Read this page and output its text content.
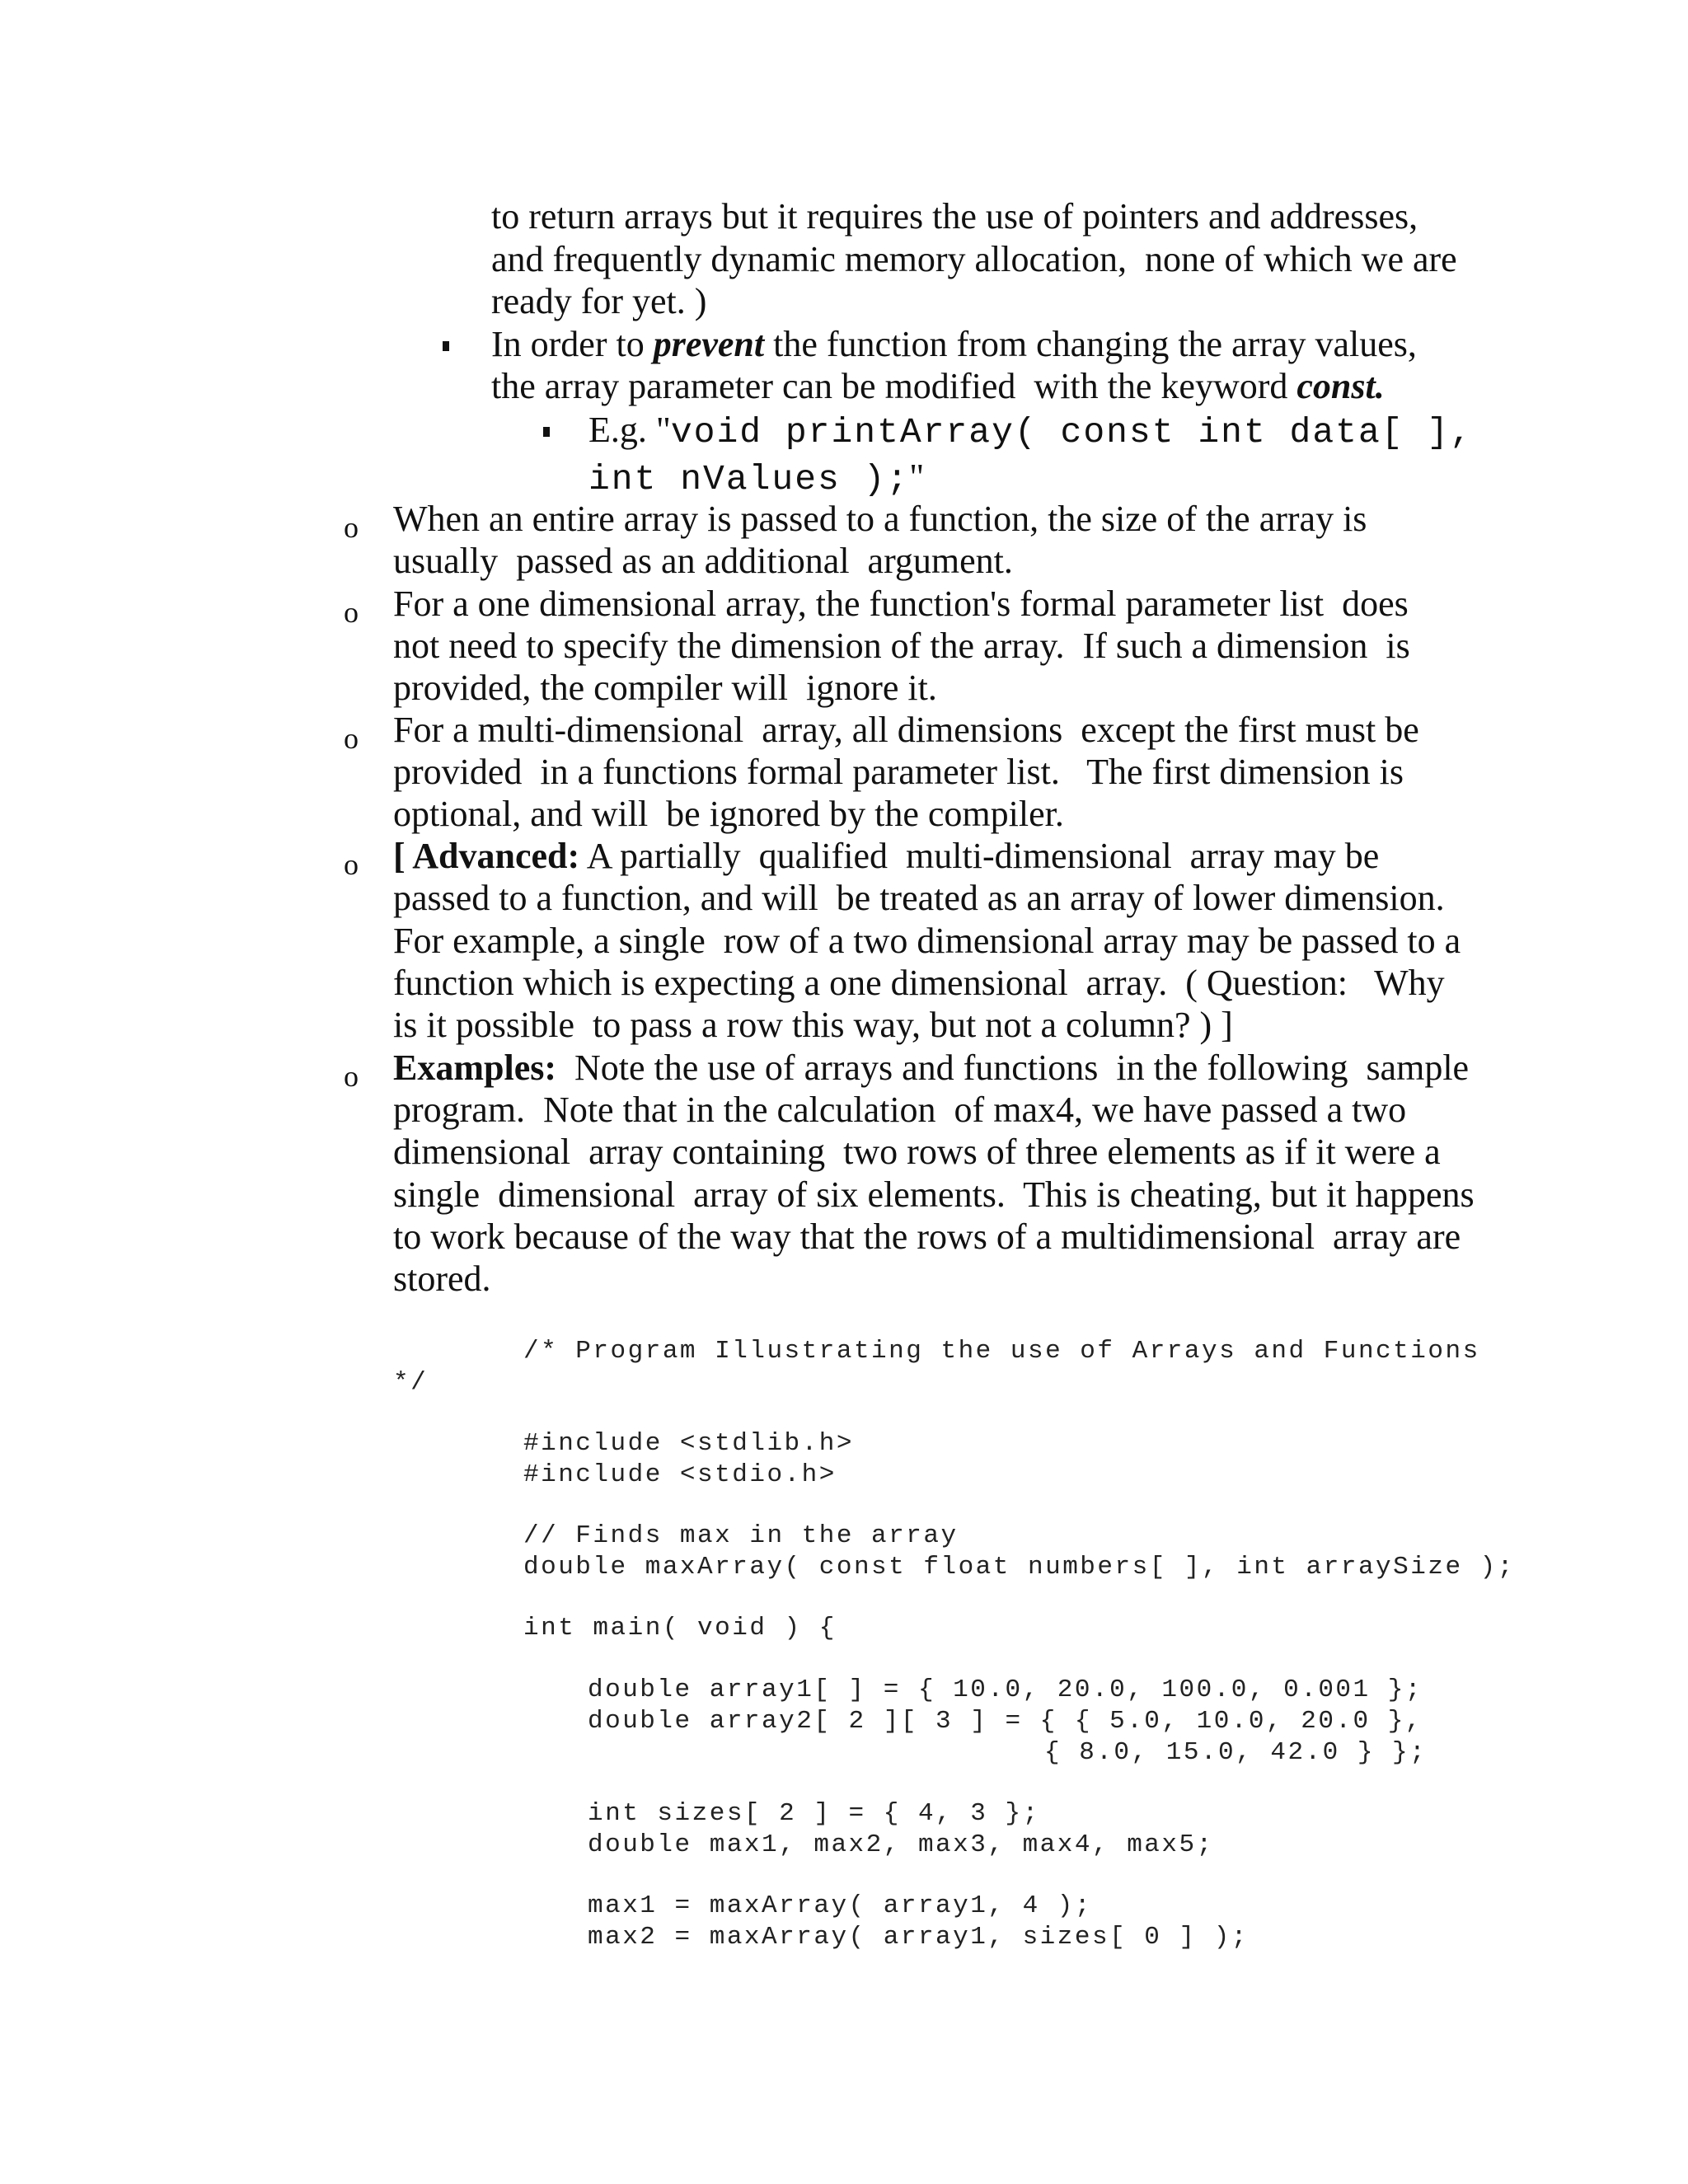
to return arrays but it requires the use of pointers and addresses,
and frequently dynamic memory allocation,  none of which we are
ready for yet. )
In order to prevent the function from changing the array values,
the array parameter can be modified  with the keyword const.
E.g. "void printArray( const int data[ ],
int nValues );"
o When an entire array is passed to a function, the size of the array is
usually  passed as an additional  argument.
o For a one dimensional array, the function's formal parameter list  does
not need to specify the dimension of the array.  If such a dimension  is
provided, the compiler will  ignore it.
o For a multi-dimensional  array, all dimensions  except the first must be
provided  in a functions formal parameter list.   The first dimension is
optional, and will  be ignored by the compiler.
o [ Advanced: A partially  qualified  multi-dimensional  array may be
passed to a function, and will  be treated as an array of lower dimension.
For example, a single  row of a two dimensional array may be passed to a
function which is expecting a one dimensional  array.  ( Question:   Why
is it possible  to pass a row this way, but not a column? ) ]
o Examples:  Note the use of arrays and functions  in the following  sample
program.  Note that in the calculation  of max4, we have passed a two
dimensional  array containing  two rows of three elements as if it were a
single  dimensional  array of six elements.  This is cheating, but it happens
to work because of the way that the rows of a multidimensional  array are
stored.
/* Program Illustrating the use of Arrays and Functions
*/
#include <stdlib.h>
#include <stdio.h>
// Finds max in the array
double maxArray( const float numbers[ ], int arraySize );
int main( void ) {
double array1[ ] = { 10.0, 20.0, 100.0, 0.001 };
double array2[ 2 ][ 3 ] = { { 5.0, 10.0, 20.0 },
{ 8.0, 15.0, 42.0 } };
int sizes[ 2 ] = { 4, 3 };
double max1, max2, max3, max4, max5;
max1 = maxArray( array1, 4 );
max2 = maxArray( array1, sizes[ 0 ] );
